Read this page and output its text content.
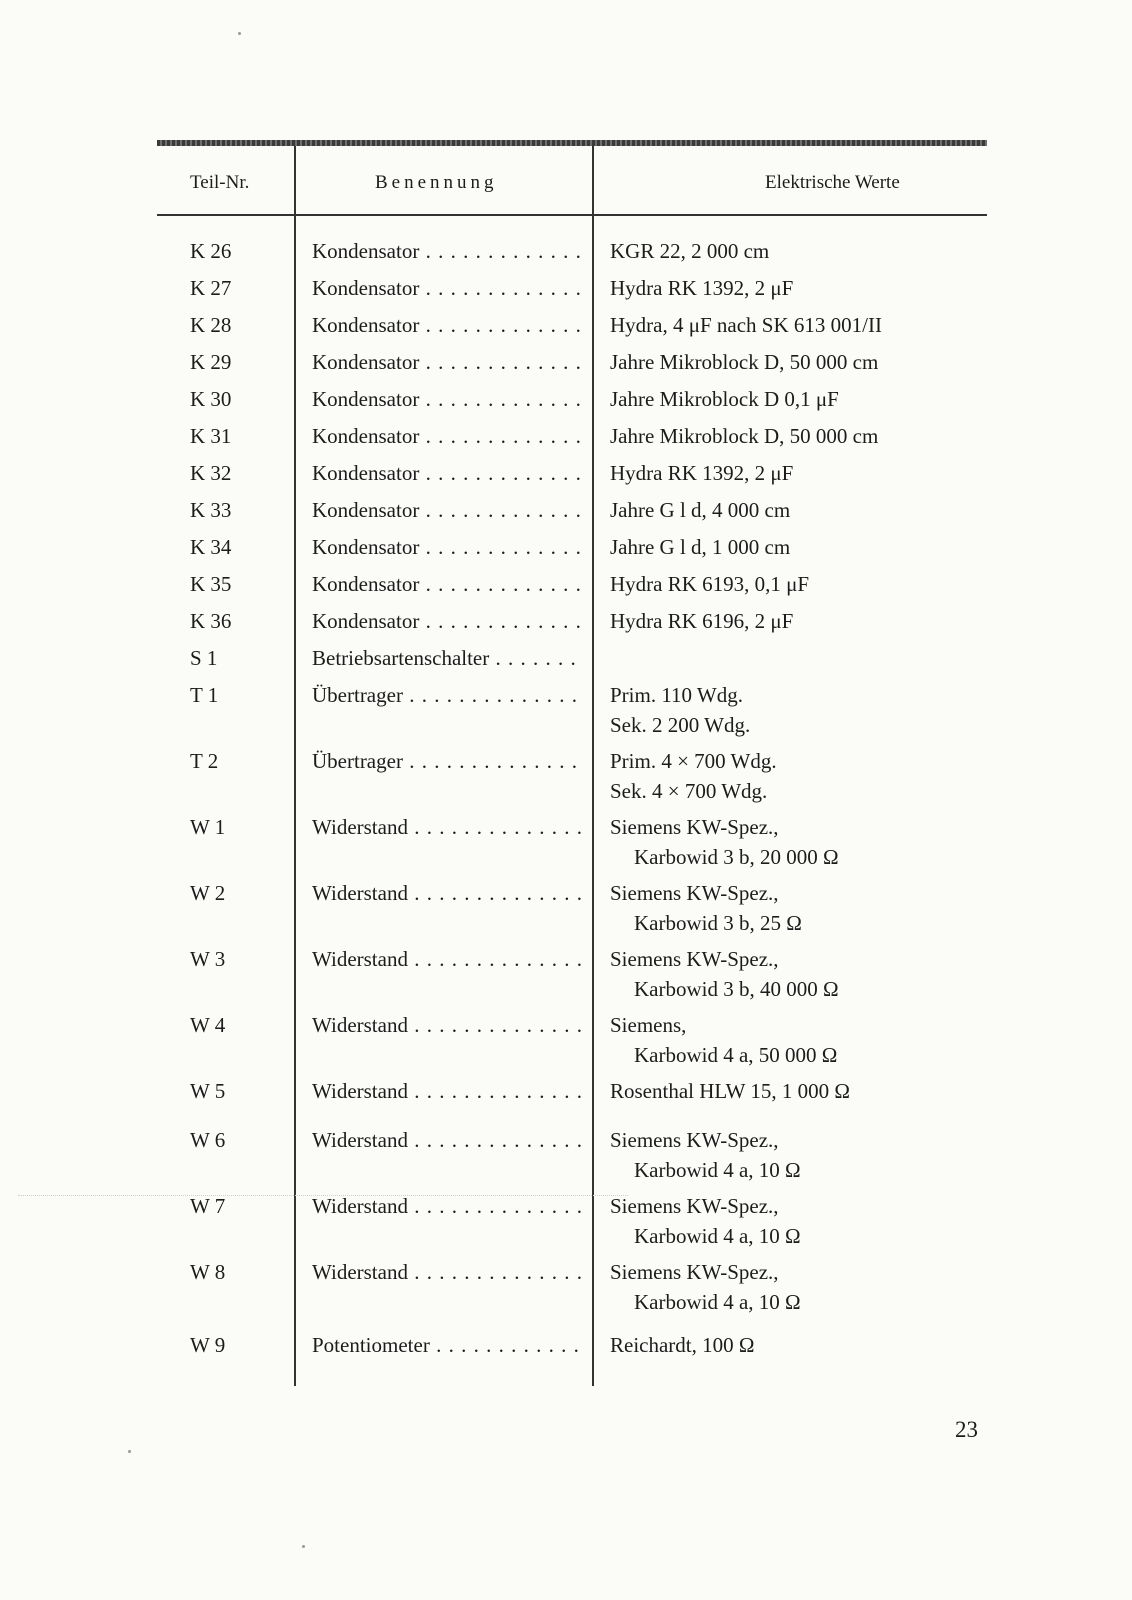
Teil-Nr.	Benennung	Elektrische Werte
K 26	Kondensator . . .	KGR 22, 2 000 cm
K 27	Kondensator . . .	Hydra RK 1392, 2 μF
K 28	Kondensator . . .	Hydra, 4 μF nach SK 613 001/II
K 29	Kondensator . . .	Jahre Mikroblock D, 50 000 cm
K 30	Kondensator . . .	Jahre Mikroblock D 0,1 μF
K 31	Kondensator . . .	Jahre Mikroblock D, 50 000 cm
K 32	Kondensator . . .	Hydra RK 1392, 2 μF
K 33	Kondensator . . .	Jahre G l d, 4 000 cm
K 34	Kondensator . . .	Jahre G l d, 1 000 cm
K 35	Kondensator . . .	Hydra RK 6193, 0,1 μF
K 36	Kondensator . . .	Hydra RK 6196, 2 μF
S 1	Betriebsartenschalter . . .
T 1	Übertrager . . .	Prim. 110 Wdg.
Sek. 2 200 Wdg.
T 2	Übertrager . . .	Prim. 4 × 700 Wdg.
Sek. 4 × 700 Wdg.
W 1	Widerstand . . .	Siemens KW-Spez.,
Karbowid 3 b, 20 000 Ω
W 2	Widerstand . . .	Siemens KW-Spez.,
Karbowid 3 b, 25 Ω
W 3	Widerstand . . .	Siemens KW-Spez.,
Karbowid 3 b, 40 000 Ω
W 4	Widerstand . . .	Siemens,
Karbowid 4 a, 50 000 Ω
W 5	Widerstand . . .	Rosenthal HLW 15, 1 000 Ω
W 6	Widerstand . . .	Siemens KW-Spez.,
Karbowid 4 a, 10 Ω
W 7	Widerstand . . .	Siemens KW-Spez.,
Karbowid 4 a, 10 Ω
W 8	Widerstand . . .	Siemens KW-Spez.,
Karbowid 4 a, 10 Ω
W 9	Potentiometer . . .	Reichardt, 100 Ω
23
